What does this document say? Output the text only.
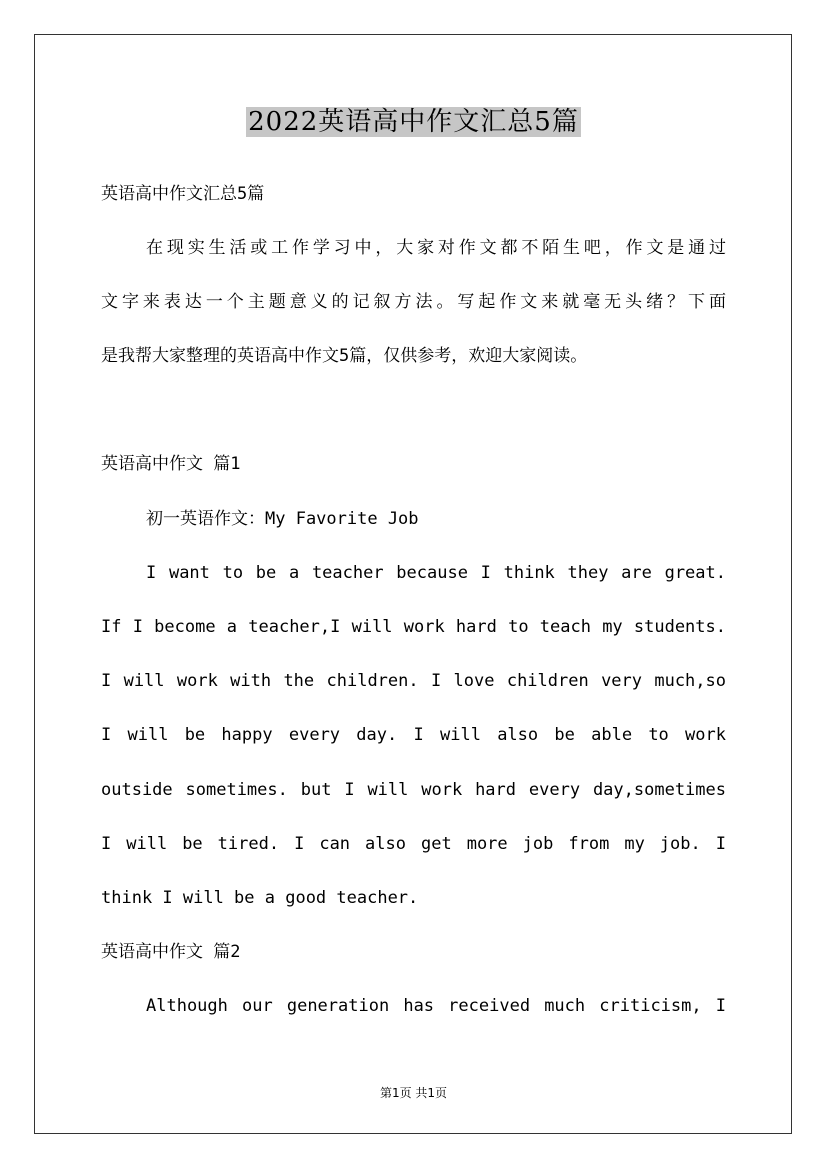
2022英语高中作文汇总5篇
英语高中作文汇总5篇
在现实生活或工作学习中，大家对作文都不陌生吧，作文是通过
文字来表达一个主题意义的记叙方法。写起作文来就毫无头绪？下面
是我帮大家整理的英语高中作文5篇，仅供参考，欢迎大家阅读。
英语高中作文 篇1
初一英语作文：My Favorite Job
I want to be a teacher because I think they are great.
If I become a teacher,I will work hard to teach my students.
I will work with the children. I love children very much,so
I will be happy every day. I will also be able to work
outside sometimes. but I will work hard every day,sometimes
I will be tired. I can also get more job from my job. I
think I will be a good teacher.
英语高中作文 篇2
Although our generation has received much criticism, I
第1页 共1页
